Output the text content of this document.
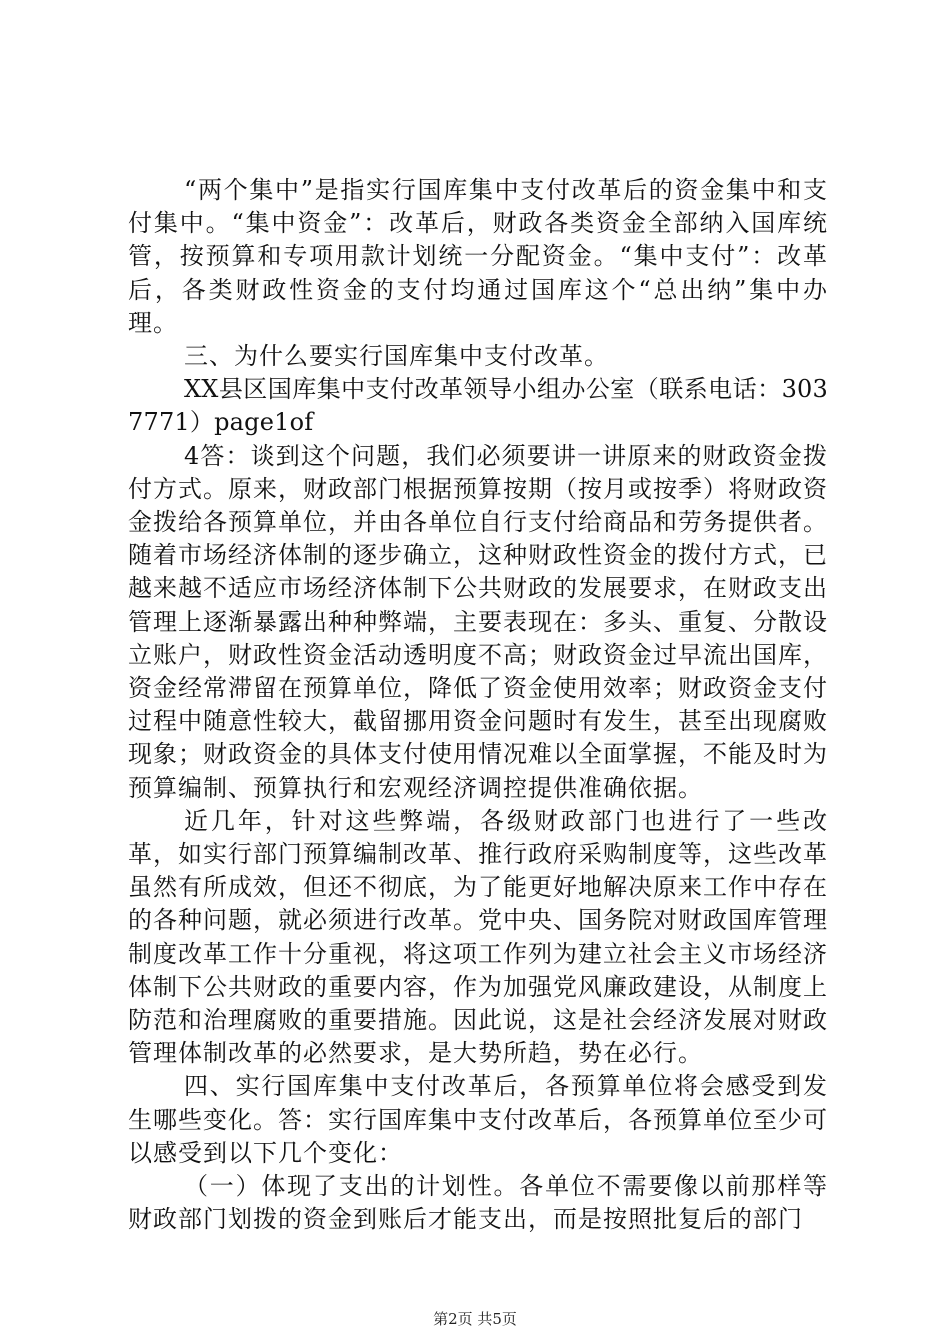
“两个集中”是指实行国库集中支付改革后的资金集中和支付集中。“集中资金”：改革后，财政各类资金全部纳入国库统管，按预算和专项用款计划统一分配资金。“集中支付”：改革后，各类财政性资金的支付均通过国库这个“总出纳”集中办理。

三、为什么要实行国库集中支付改革。

XX县区国库集中支付改革领导小组办公室（联系电话：3037771）page1of

4答：谈到这个问题，我们必须要讲一讲原来的财政资金拨付方式。原来，财政部门根据预算按期（按月或按季）将财政资金拨给各预算单位，并由各单位自行支付给商品和劳务提供者。随着市场经济体制的逐步确立，这种财政性资金的拨付方式，已越来越不适应市场经济体制下公共财政的发展要求，在财政支出管理上逐渐暴露出种种弊端，主要表现在：多头、重复、分散设立账户，财政性资金活动透明度不高；财政资金过早流出国库，资金经常滞留在预算单位，降低了资金使用效率；财政资金支付过程中随意性较大，截留挪用资金问题时有发生，甚至出现腐败现象；财政资金的具体支付使用情况难以全面掌握，不能及时为预算编制、预算执行和宏观经济调控提供准确依据。

近几年，针对这些弊端，各级财政部门也进行了一些改革，如实行部门预算编制改革、推行政府采购制度等，这些改革虽然有所成效，但还不彻底，为了能更好地解决原来工作中存在的各种问题，就必须进行改革。党中央、国务院对财政国库管理制度改革工作十分重视，将这项工作列为建立社会主义市场经济体制下公共财政的重要内容，作为加强党风廉政建设，从制度上防范和治理腐败的重要措施。因此说，这是社会经济发展对财政管理体制改革的必然要求，是大势所趋，势在必行。

四、实行国库集中支付改革后，各预算单位将会感受到发生哪些变化。答：实行国库集中支付改革后，各预算单位至少可以感受到以下几个变化：

（一）体现了支出的计划性。各单位不需要像以前那样等财政部门划拨的资金到账后才能支出，而是按照批复后的部门

第2页 共5页
